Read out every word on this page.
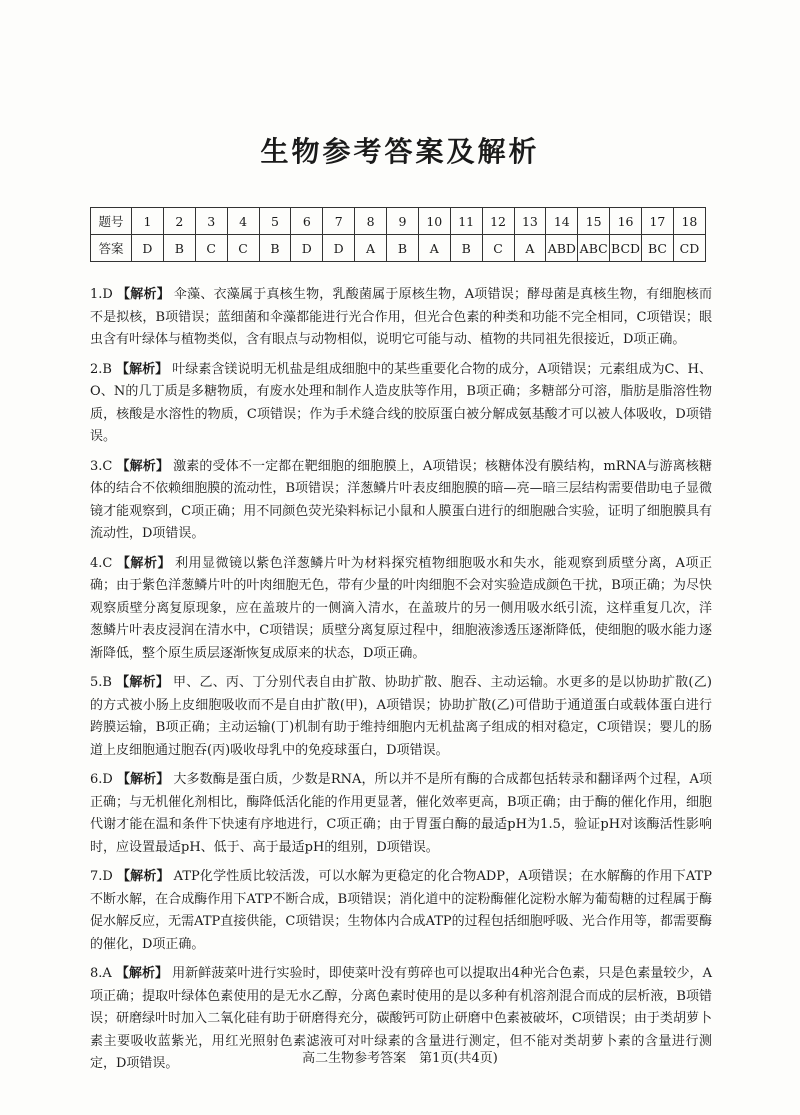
生物参考答案及解析
题号	1	2	3	4	5	6	7	8	9	10	11	12	13	14	15	16	17	18
答案	D	B	C	C	B	D	D	A	B	A	B	C	A	ABD	ABC	BCD	BC	CD
1.D 【解析】 伞藻、衣藻属于真核生物，乳酸菌属于原核生物，A项错误；酵母菌是真核生物，有细胞核而不是拟核，B项错误；蓝细菌和伞藻都能进行光合作用，但光合色素的种类和功能不完全相同，C项错误；眼虫含有叶绿体与植物类似，含有眼点与动物相似，说明它可能与动、植物的共同祖先很接近，D项正确。
2.B 【解析】 叶绿素含镁说明无机盐是组成细胞中的某些重要化合物的成分，A项错误；元素组成为C、H、O、N的几丁质是多糖物质，有废水处理和制作人造皮肤等作用，B项正确；多糖部分可溶，脂肪是脂溶性物质，核酸是水溶性的物质，C项错误；作为手术缝合线的胶原蛋白被分解成氨基酸才可以被人体吸收，D项错误。
3.C 【解析】 激素的受体不一定都在靶细胞的细胞膜上，A项错误；核糖体没有膜结构，mRNA与游离核糖体的结合不依赖细胞膜的流动性，B项错误；洋葱鳞片叶表皮细胞膜的暗—亮—暗三层结构需要借助电子显微镜才能观察到，C项正确；用不同颜色荧光染料标记小鼠和人膜蛋白进行的细胞融合实验，证明了细胞膜具有流动性，D项错误。
4.C 【解析】 利用显微镜以紫色洋葱鳞片叶为材料探究植物细胞吸水和失水，能观察到质壁分离，A项正确；由于紫色洋葱鳞片叶的叶肉细胞无色，带有少量的叶肉细胞不会对实验造成颜色干扰，B项正确；为尽快观察质壁分离复原现象，应在盖玻片的一侧滴入清水，在盖玻片的另一侧用吸水纸引流，这样重复几次，洋葱鳞片叶表皮浸润在清水中，C项错误；质壁分离复原过程中，细胞液渗透压逐渐降低，使细胞的吸水能力逐渐降低，整个原生质层逐渐恢复成原来的状态，D项正确。
5.B 【解析】 甲、乙、丙、丁分别代表自由扩散、协助扩散、胞吞、主动运输。水更多的是以协助扩散(乙)的方式被小肠上皮细胞吸收而不是自由扩散(甲)，A项错误；协助扩散(乙)可借助于通道蛋白或载体蛋白进行跨膜运输，B项正确；主动运输(丁)机制有助于维持细胞内无机盐离子组成的相对稳定，C项错误；婴儿的肠道上皮细胞通过胞吞(丙)吸收母乳中的免疫球蛋白，D项错误。
6.D 【解析】 大多数酶是蛋白质，少数是RNA，所以并不是所有酶的合成都包括转录和翻译两个过程，A项正确；与无机催化剂相比，酶降低活化能的作用更显著，催化效率更高，B项正确；由于酶的催化作用，细胞代谢才能在温和条件下快速有序地进行，C项正确；由于胃蛋白酶的最适pH为1.5，验证pH对该酶活性影响时，应设置最适pH、低于、高于最适pH的组别，D项错误。
7.D 【解析】 ATP化学性质比较活泼，可以水解为更稳定的化合物ADP，A项错误；在水解酶的作用下ATP不断水解，在合成酶作用下ATP不断合成，B项错误；消化道中的淀粉酶催化淀粉水解为葡萄糖的过程属于酶促水解反应，无需ATP直接供能，C项错误；生物体内合成ATP的过程包括细胞呼吸、光合作用等，都需要酶的催化，D项正确。
8.A 【解析】 用新鲜菠菜叶进行实验时，即使菜叶没有剪碎也可以提取出4种光合色素，只是色素量较少，A项正确；提取叶绿体色素使用的是无水乙醇，分离色素时使用的是以多种有机溶剂混合而成的层析液，B项错误；研磨绿叶时加入二氧化硅有助于研磨得充分，碳酸钙可防止研磨中色素被破坏，C项错误；由于类胡萝卜素主要吸收蓝紫光，用红光照射色素滤液可对叶绿素的含量进行测定，但不能对类胡萝卜素的含量进行测定，D项错误。	高二生物参考答案　第1页(共4页)
